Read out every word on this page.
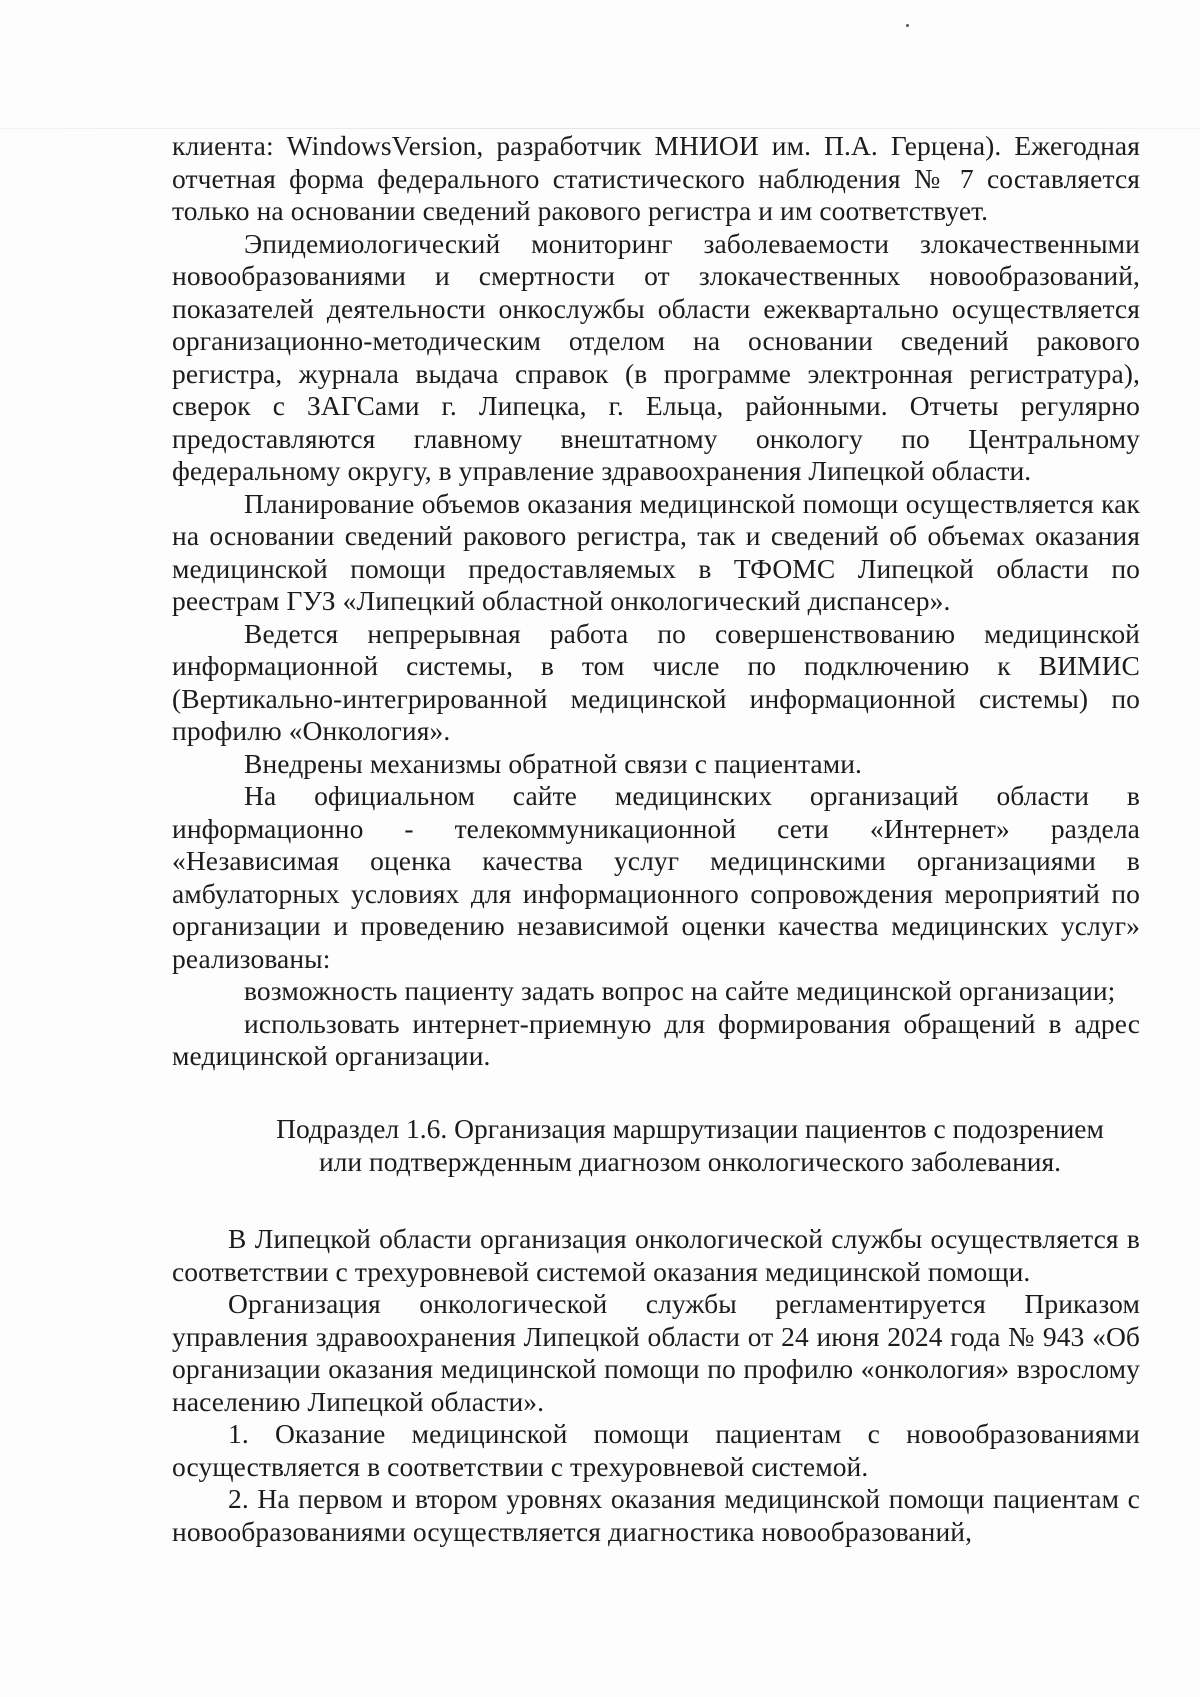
клиента: WindowsVersion, разработчик МНИОИ им. П.А. Герцена). Ежегодная отчетная форма федерального статистического наблюдения № 7 составляется только на основании сведений ракового регистра и им соответствует.

Эпидемиологический мониторинг заболеваемости злокачественными новообразованиями и смертности от злокачественных новообразований, показателей деятельности онкослужбы области ежеквартально осуществляется организационно-методическим отделом на основании сведений ракового регистра, журнала выдача справок (в программе электронная регистратура), сверок с ЗАГСами г. Липецка, г. Ельца, районными. Отчеты регулярно предоставляются главному внештатному онкологу по Центральному федеральному округу, в управление здравоохранения Липецкой области.

Планирование объемов оказания медицинской помощи осуществляется как на основании сведений ракового регистра, так и сведений об объемах оказания медицинской помощи предоставляемых в ТФОМС Липецкой области по реестрам ГУЗ «Липецкий областной онкологический диспансер».

Ведется непрерывная работа по совершенствованию медицинской информационной системы, в том числе по подключению к ВИМИС (Вертикально-интегрированной медицинской информационной системы) по профилю «Онкология».

Внедрены механизмы обратной связи с пациентами.

На официальном сайте медицинских организаций области в информационно - телекоммуникационной сети «Интернет» раздела «Независимая оценка качества услуг медицинскими организациями в амбулаторных условиях для информационного сопровождения мероприятий по организации и проведению независимой оценки качества медицинских услуг» реализованы:

возможность пациенту задать вопрос на сайте медицинской организации;

использовать интернет-приемную для формирования обращений в адрес медицинской организации.

Подраздел 1.6. Организация маршрутизации пациентов с подозрением

или подтвержденным диагнозом онкологического заболевания.

В Липецкой области организация онкологической службы осуществляется в соответствии с трехуровневой системой оказания медицинской помощи.

Организация онкологической службы регламентируется Приказом управления здравоохранения Липецкой области от 24 июня 2024 года № 943 «Об организации оказания медицинской помощи по профилю «онкология» взрослому населению Липецкой области».

1. Оказание медицинской помощи пациентам с новообразованиями осуществляется в соответствии с трехуровневой системой.

2. На первом и втором уровнях оказания медицинской помощи пациентам с новообразованиями осуществляется диагностика новообразований,
